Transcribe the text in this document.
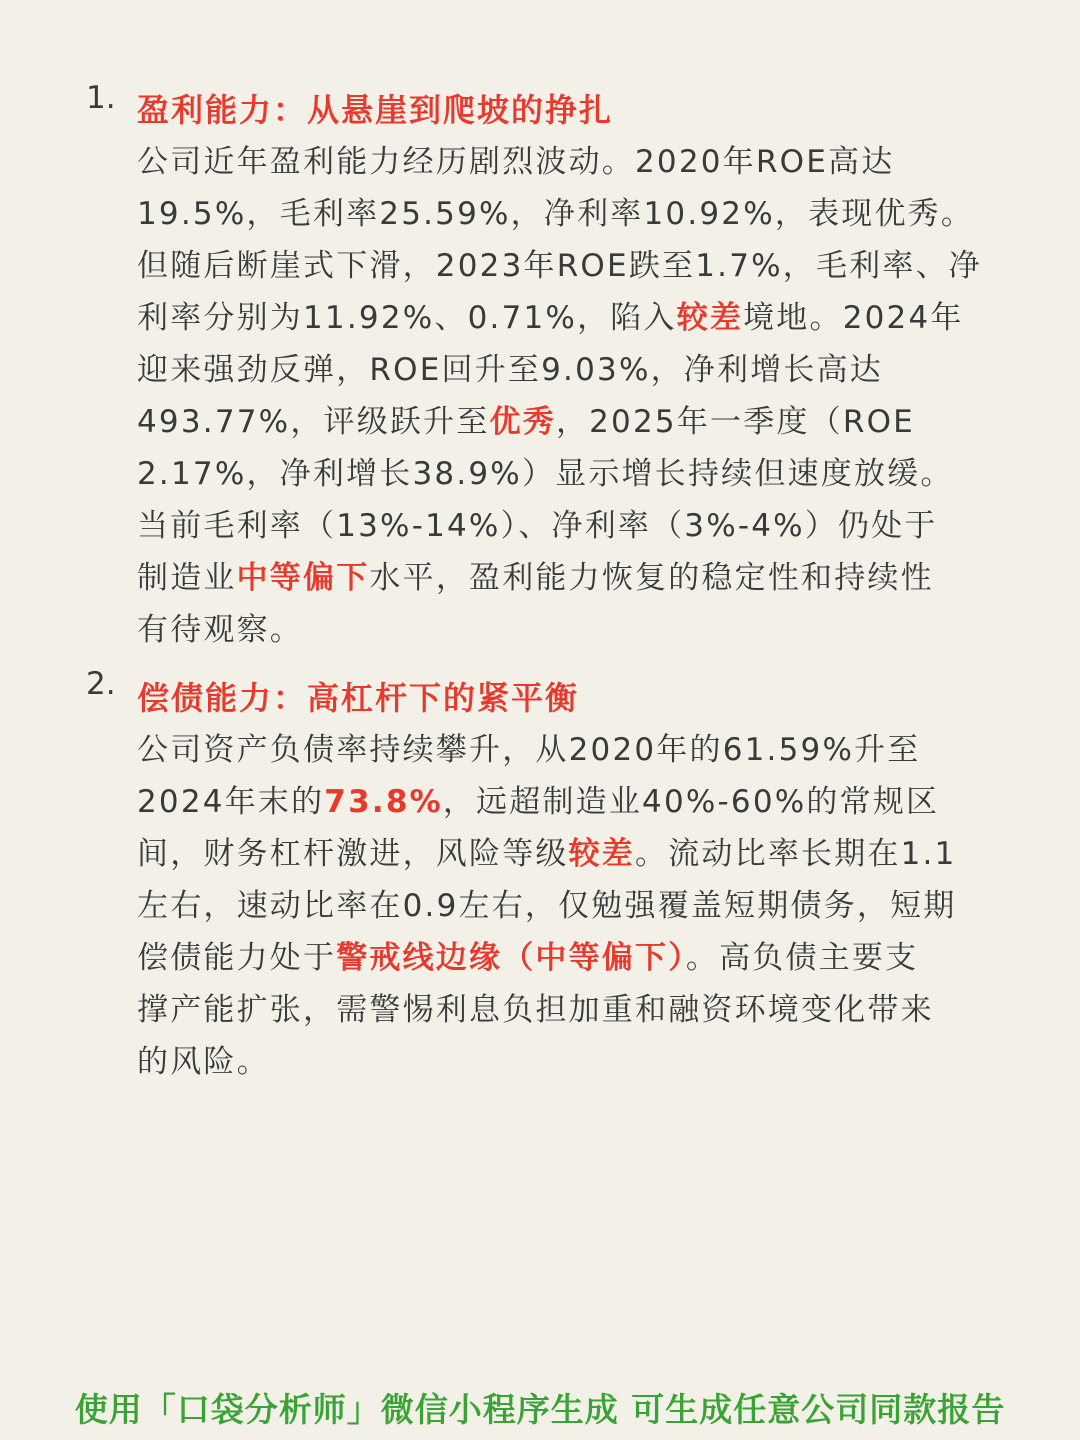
1. 盈利能力：从悬崖到爬坡的挣扎
公司近年盈利能力经历剧烈波动。2020年ROE高达
19.5%，毛利率25.59%，净利率10.92%，表现优秀。
但随后断崖式下滑，2023年ROE跌至1.7%，毛利率、净
利率分别为11.92%、0.71%，陷入较差境地。2024年
迎来强劲反弹，ROE回升至9.03%，净利增长高达
493.77%，评级跃升至优秀，2025年一季度（ROE
2.17%，净利增长38.9%）显示增长持续但速度放缓。
当前毛利率（13%-14%）、净利率（3%-4%）仍处于
制造业中等偏下水平，盈利能力恢复的稳定性和持续性
有待观察。
2. 偿债能力：高杠杆下的紧平衡
公司资产负债率持续攀升，从2020年的61.59%升至
2024年末的73.8%，远超制造业40%-60%的常规区
间，财务杠杆激进，风险等级较差。流动比率长期在1.1
左右，速动比率在0.9左右，仅勉强覆盖短期债务，短期
偿债能力处于警戒线边缘（中等偏下）。高负债主要支
撑产能扩张，需警惕利息负担加重和融资环境变化带来
的风险。
使用「口袋分析师」微信小程序生成 可生成任意公司同款报告
